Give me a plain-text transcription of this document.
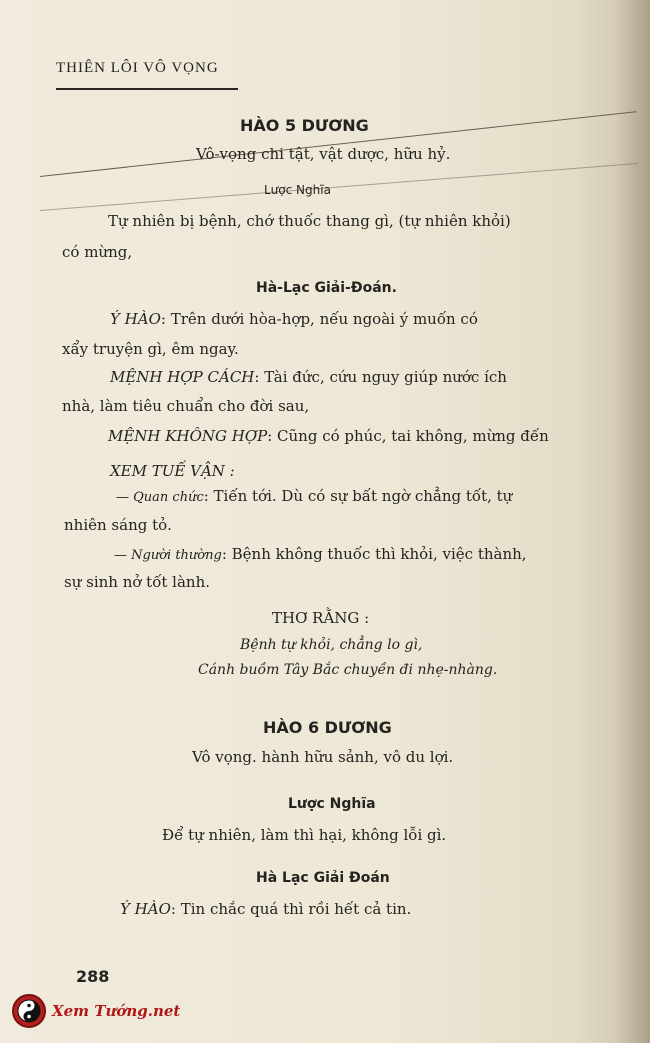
THIÊN LÔI VÔ VỌNG
HÀO 5 DƯƠNG
Vô-vọng chi tật, vật dược, hữu hỷ.
Lược Nghĩa
Tự nhiên bị bệnh, chớ thuốc thang gì, (tự nhiên khỏi)
có mừng,
Hà-Lạc Giải-Đoán.
Ý HÀO: Trên dưới hòa-hợp, nếu ngoài ý muốn có
xẩy truyện gì, êm ngay.
MỆNH HỢP CÁCH: Tài đức, cứu nguy giúp nước ích
nhà, làm tiêu chuẩn cho đời sau,
MỆNH KHÔNG HỢP: Cũng có phúc, tai không, mừng đến
XEM TUẾ VẬN :
— Quan chức: Tiến tới. Dù có sự bất ngờ chẳng tốt, tự
nhiên sáng tỏ.
— Người thường: Bệnh không thuốc thì khỏi, việc thành,
sự sinh nở tốt lành.
THƠ RẰNG :
Bệnh tự khỏi, chẳng lo gì,
Cánh buồm Tây Bắc chuyền đi nhẹ-nhàng.
HÀO 6 DƯƠNG
Vô vọng. hành hữu sảnh, vô du lợi.
Lược Nghĩa
Để tự nhiên, làm thì hại, không lỗi gì.
Hà Lạc Giải Đoán
Ý HÀO: Tin chắc quá thì rồi hết cả tin.
288
Xem Tướng.net
